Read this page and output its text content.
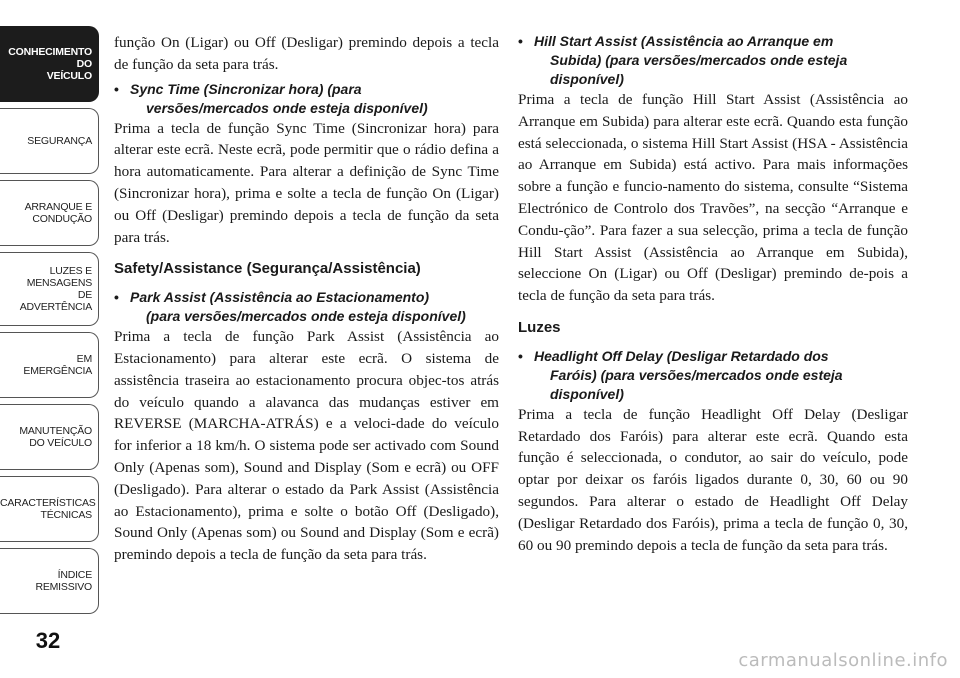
CONHECIMENTO
DO
VEÍCULO
SEGURANÇA
ARRANQUE E
CONDUÇÃO
LUZES E
MENSAGENS
DE
ADVERTÊNCIA
EM
EMERGÊNCIA
MANUTENÇÃO
DO VEÍCULO
CARACTERÍSTICAS
TÉCNICAS
ÍNDICE
REMISSIVO
32

função On (Ligar) ou Off (Desligar) premindo depois a tecla de função da seta para trás.

• Sync Time (Sincronizar hora) (para
versões/mercados onde esteja disponível)

Prima a tecla de função Sync Time (Sincronizar hora) para alterar este ecrã. Neste ecrã, pode permitir que o rádio defina a hora automaticamente. Para alterar a definição de Sync Time (Sincronizar hora), prima e solte a tecla de função On (Ligar) ou Off (Desligar) premindo depois a tecla de função da seta para trás.

Safety/Assistance (Segurança/Assistência)
• Park Assist (Assistência ao Estacionamento)
(para versões/mercados onde esteja disponível)

Prima a tecla de função Park Assist (Assistência ao Estacionamento) para alterar este ecrã. O sistema de assistência traseira ao estacionamento procura objec-tos atrás do veículo quando a alavanca das mudanças estiver em REVERSE (MARCHA-ATRÁS) e a veloci-dade do veículo for inferior a 18 km/h. O sistema pode ser activado com Sound Only (Apenas som), Sound and Display (Som e ecrã) ou OFF (Desligado). Para alterar o estado da Park Assist (Assistência ao Estacionamento), prima e solte o botão Off (Desligado), Sound Only (Apenas som) ou Sound and Display (Som e ecrã) premindo depois a tecla de função da seta para trás.

• Hill Start Assist (Assistência ao Arranque em
Subida) (para versões/mercados onde esteja disponível)

Prima a tecla de função Hill Start Assist (Assistência ao Arranque em Subida) para alterar este ecrã. Quando esta função está seleccionada, o sistema Hill Start Assist (HSA - Assistência ao Arranque em Subida) está activo. Para mais informações sobre a função e funcio-namento do sistema, consulte “Sistema Electrónico de Controlo dos Travões”, na secção “Arranque e Condu-ção”. Para fazer a sua selecção, prima a tecla de função Hill Start Assist (Assistência ao Arranque em Subida), seleccione On (Ligar) ou Off (Desligar) premindo de-pois a tecla de função da seta para trás.

Luzes
• Headlight Off Delay (Desligar Retardado dos
Faróis) (para versões/mercados onde esteja disponível)

Prima a tecla de função Headlight Off Delay (Desligar Retardado dos Faróis) para alterar este ecrã. Quando esta função é seleccionada, o condutor, ao sair do veículo, pode optar por deixar os faróis ligados durante 0, 30, 60 ou 90 segundos. Para alterar o estado de Headlight Off Delay (Desligar Retardado dos Faróis), prima a tecla de função 0, 30, 60 ou 90 premindo depois a tecla de função da seta para trás.

carmanualsonline.info
